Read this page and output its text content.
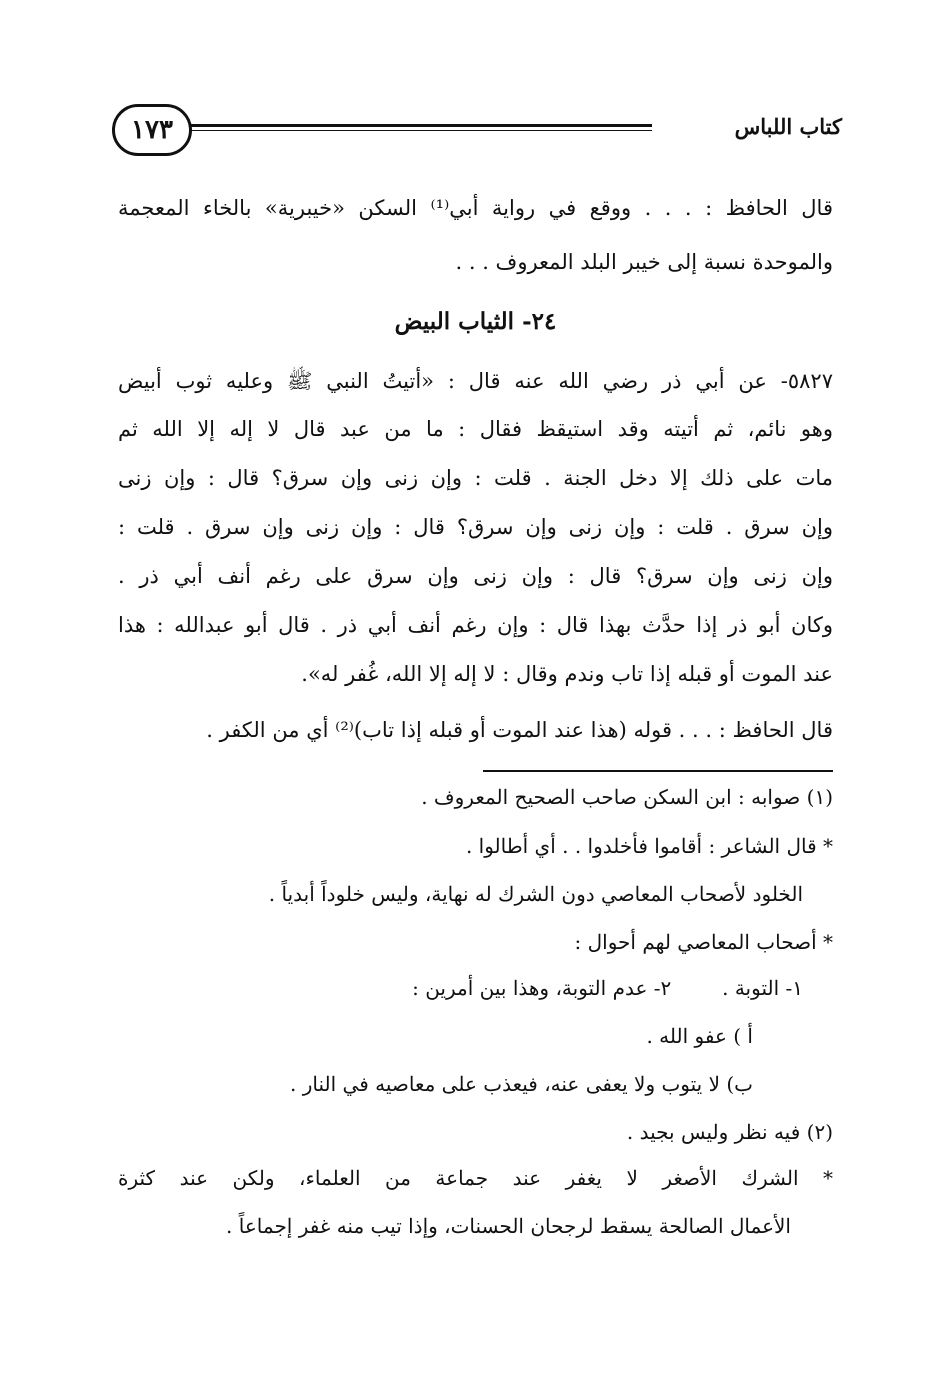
كتاب اللباس
١٧٣
قال الحافظ : . . . ووقع في رواية أبي⁽¹⁾ السكن «خيبرية» بالخاء المعجمة
والموحدة نسبة إلى خيبر البلد المعروف . . .
٢٤- الثياب البيض
٥٨٢٧- عن أبي ذر رضي الله عنه قال : «أتيتُ النبي ﷺ وعليه ثوب أبيض
وهو نائم، ثم أتيته وقد استيقظ فقال : ما من عبد قال لا إله إلا الله ثم
مات على ذلك إلا دخل الجنة . قلت : وإن زنى وإن سرق؟ قال : وإن زنى
وإن سرق . قلت : وإن زنى وإن سرق؟ قال : وإن زنى وإن سرق . قلت :
وإن زنى وإن سرق؟ قال : وإن زنى وإن سرق على رغم أنف أبي ذر .
وكان أبو ذر إذا حدَّث بهذا قال : وإن رغم أنف أبي ذر . قال أبو عبدالله : هذا
عند الموت أو قبله إذا تاب وندم وقال : لا إله إلا الله، غُفر له».
قال الحافظ : . . . قوله (هذا عند الموت أو قبله إذا تاب)⁽²⁾ أي من الكفر .
(١) صوابه : ابن السكن صاحب الصحيح المعروف .
* قال الشاعر : أقاموا فأخلدوا . . أي أطالوا .
الخلود لأصحاب المعاصي دون الشرك له نهاية، وليس خلوداً أبدياً .
* أصحاب المعاصي لهم أحوال :
١- التوبة .        ٢- عدم التوبة، وهذا بين أمرين :
أ ) عفو الله .
ب) لا يتوب ولا يعفى عنه، فيعذب على معاصيه في النار .
(٢) فيه نظر وليس بجيد .
* الشرك الأصغر لا يغفر عند جماعة من العلماء، ولكن عند كثرة
الأعمال الصالحة يسقط لرجحان الحسنات، وإذا تيب منه غفر إجماعاً .
